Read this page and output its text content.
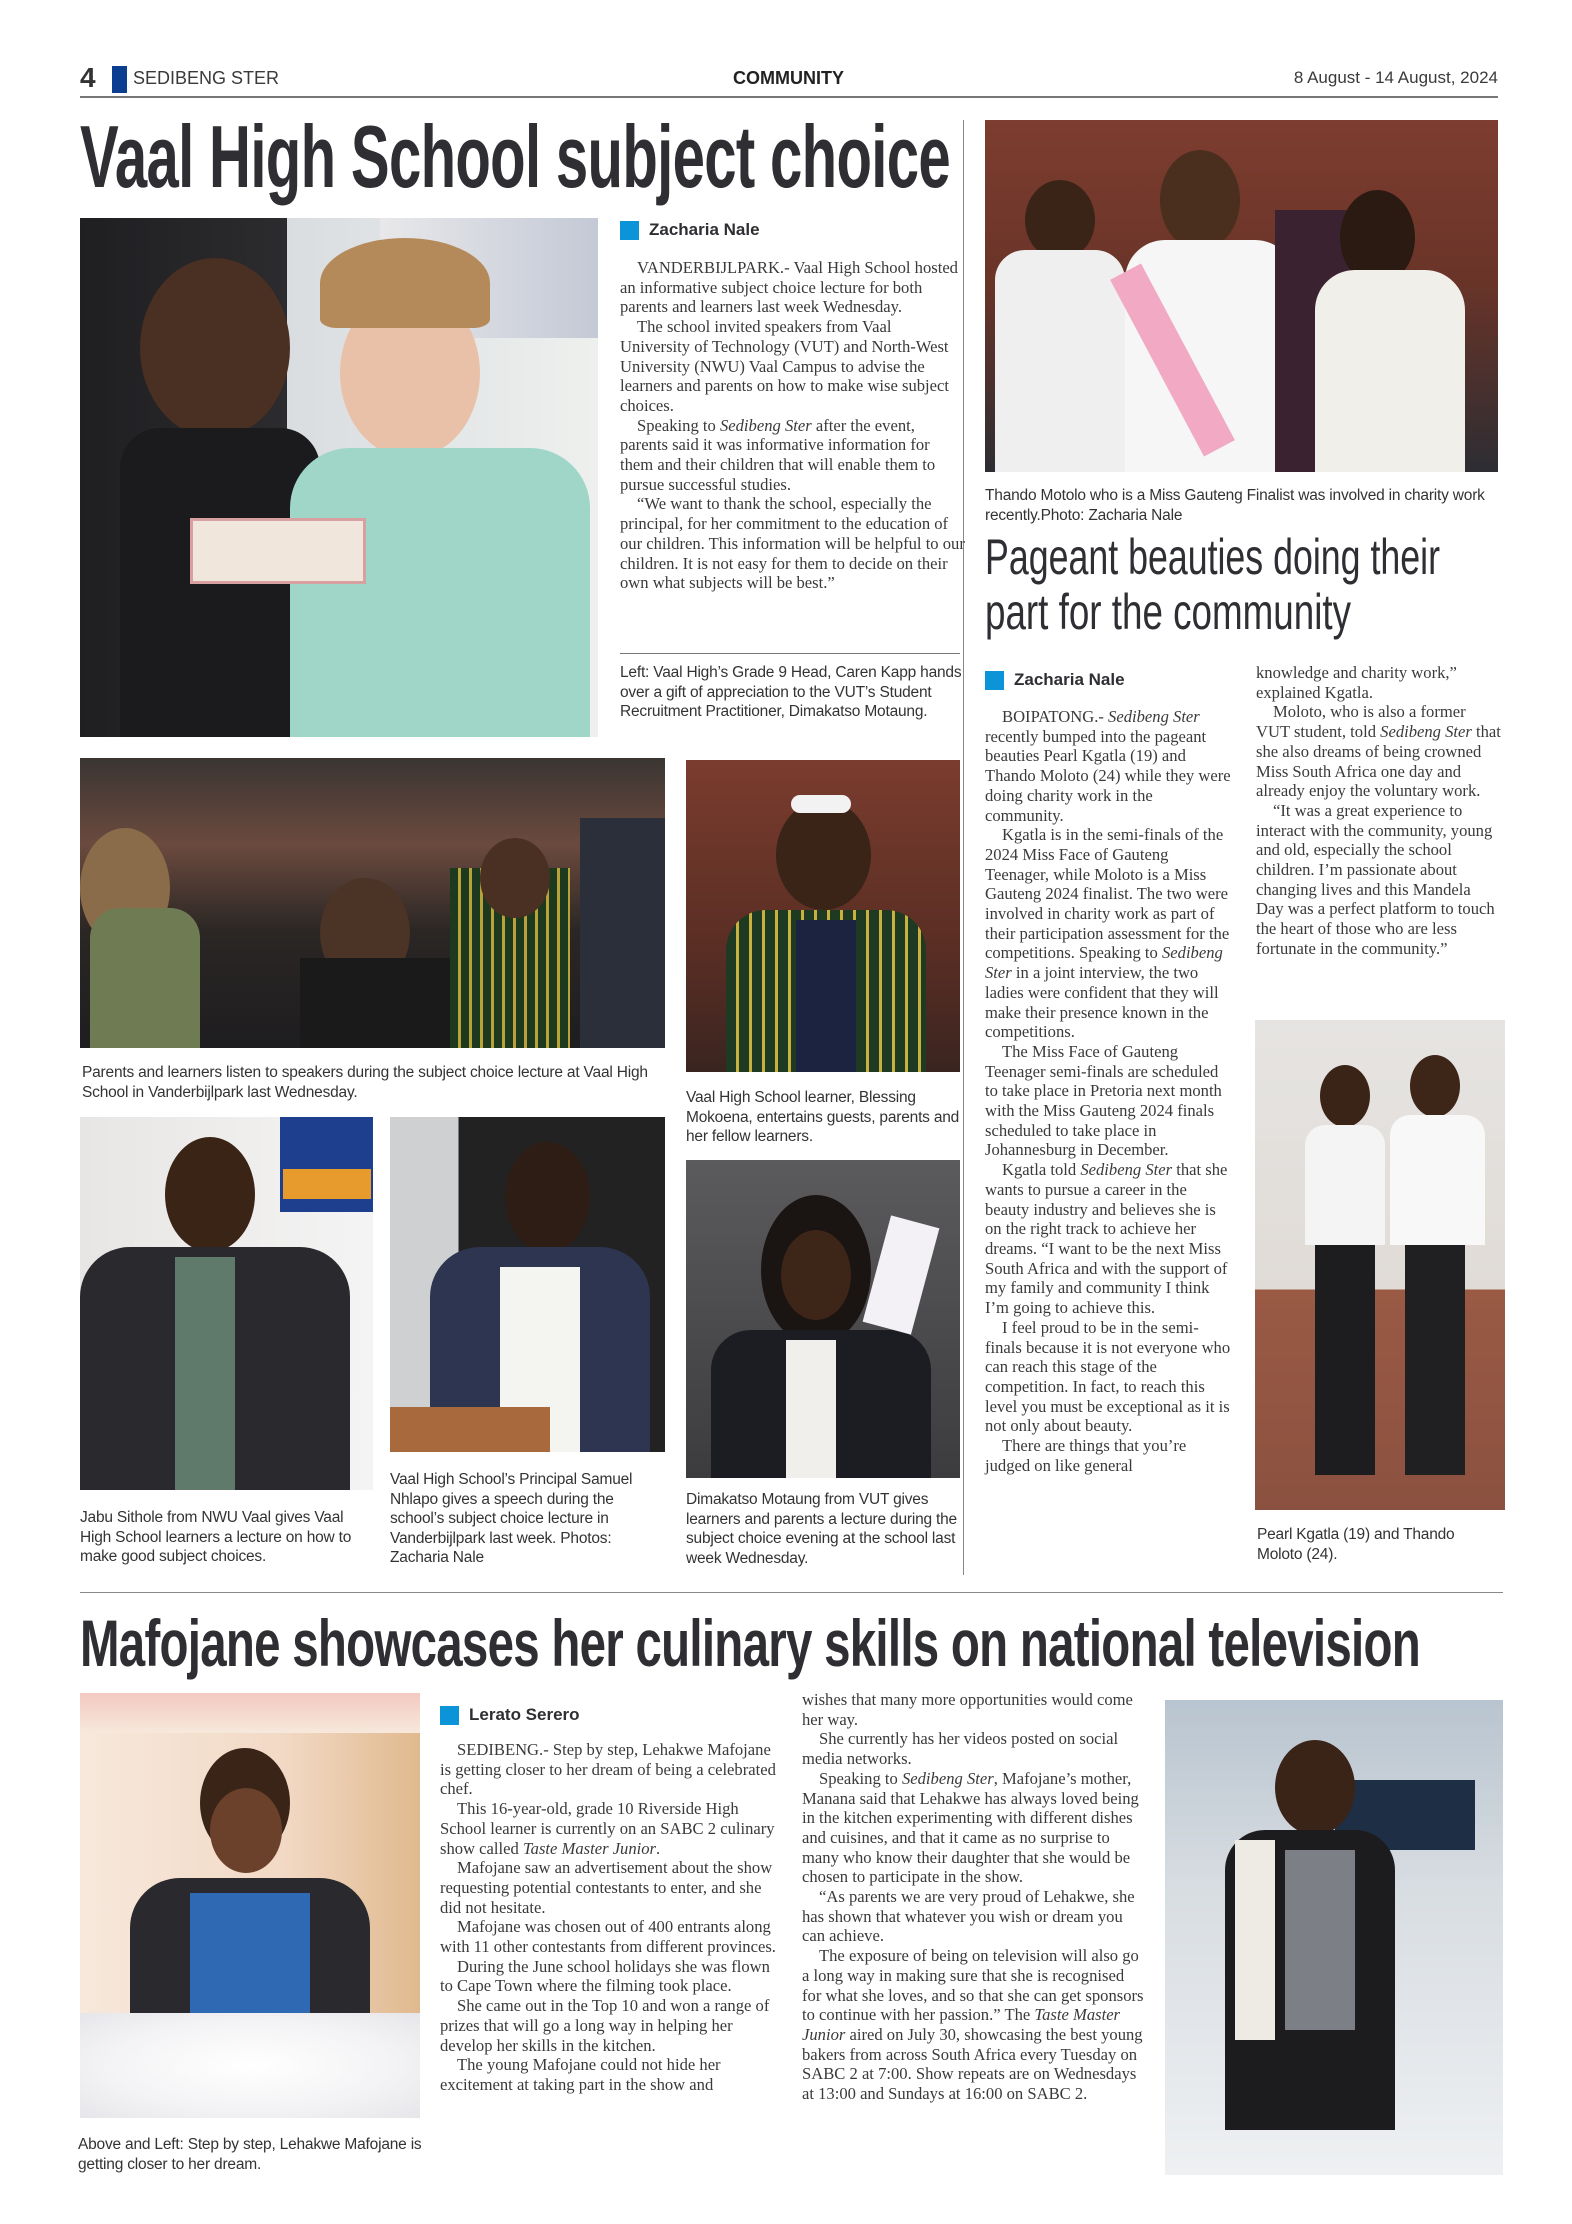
4 SEDIBENG STER	COMMUNITY	8 August - 14 August, 2024
Vaal High School subject choice
Zacharia Nale

VANDERBIJLPARK.- Vaal High School hosted an informative subject choice lecture for both parents and learners last week Wednesday.

The school invited speakers from Vaal University of Technology (VUT) and North-West University (NWU) Vaal Campus to advise the learners and parents on how to make wise subject choices.

Speaking to Sedibeng Ster after the event, parents said it was informative information for them and their children that will enable them to pursue successful studies.

“We want to thank the school, especially the principal, for her commitment to the education of our children. This information will be helpful to our children. It is not easy for them to decide on their own what subjects will be best.”

Left: Vaal High’s Grade 9 Head, Caren Kapp hands over a gift of appreciation to the VUT’s Student Recruitment Practitioner, Dimakatso Motaung.
Parents and learners listen to speakers during the subject choice lecture at Vaal High School in Vanderbijlpark last Wednesday.	Vaal High School learner, Blessing Mokoena, entertains guests, parents and her fellow learners.
Jabu Sithole from NWU Vaal gives Vaal High School learners a lecture on how to make good subject choices.
Vaal High School’s Principal Samuel Nhlapo gives a speech during the school’s subject choice lecture in Vanderbijlpark last week. Photos: Zacharia Nale
Dimakatso Motaung from VUT gives learners and parents a lecture during the subject choice evening at the school last week Wednesday.
Thando Motolo who is a Miss Gauteng Finalist was involved in charity work recently.Photo: Zacharia Nale
Pageant beauties doing their
part for the community
Zacharia Nale

BOIPATONG.- Sedibeng Ster recently bumped into the pageant beauties Pearl Kgatla (19) and Thando Moloto (24) while they were doing charity work in the community.

Kgatla is in the semi-finals of the 2024 Miss Face of Gauteng Teenager, while Moloto is a Miss Gauteng 2024 finalist. The two were involved in charity work as part of their participation assessment for the competitions. Speaking to Sedibeng Ster in a joint interview, the two ladies were confident that they will make their presence known in the competitions.

The Miss Face of Gauteng Teenager semi-finals are scheduled to take place in Pretoria next month with the Miss Gauteng 2024 finals scheduled to take place in Johannesburg in December.

Kgatla told Sedibeng Ster that she wants to pursue a career in the beauty industry and believes she is on the right track to achieve her dreams. “I want to be the next Miss South Africa and with the support of my family and community I think I’m going to achieve this.

I feel proud to be in the semi-finals because it is not everyone who can reach this stage of the competition. In fact, to reach this level you must be exceptional as it is not only about beauty.

There are things that you’re judged on like general

knowledge and charity work,” explained Kgatla.

Moloto, who is also a former VUT student, told Sedibeng Ster that she also dreams of being crowned Miss South Africa one day and already enjoy the voluntary work.

“It was a great experience to interact with the community, young and old, especially the school children. I’m passionate about changing lives and this Mandela Day was a perfect platform to touch the heart of those who are less fortunate in the community.”

Pearl Kgatla (19) and Thando Moloto (24).
Mafojane showcases her culinary skills on national television
Above and Left: Step by step, Lehakwe Mafojane is getting closer to her dream.
Lerato Serero

SEDIBENG.- Step by step, Lehakwe Mafojane is getting closer to her dream of being a celebrated chef.

This 16-year-old, grade 10 Riverside High School learner is currently on an SABC 2 culinary show called Taste Master Junior.

Mafojane saw an advertisement about the show requesting potential contestants to enter, and she did not hesitate.

Mafojane was chosen out of 400 entrants along with 11 other contestants from different provinces.

During the June school holidays she was flown to Cape Town where the filming took place.

She came out in the Top 10 and won a range of prizes that will go a long way in helping her develop her skills in the kitchen.

The young Mafojane could not hide her excitement at taking part in the show and

wishes that many more opportunities would come her way.

She currently has her videos posted on social media networks.

Speaking to Sedibeng Ster, Mafojane’s mother, Manana said that Lehakwe has always loved being in the kitchen experimenting with different dishes and cuisines, and that it came as no surprise to many who know their daughter that she would be chosen to participate in the show.

“As parents we are very proud of Lehakwe, she has shown that whatever you wish or dream you can achieve.

The exposure of being on television will also go a long way in making sure that she is recognised for what she loves, and so that she can get sponsors to continue with her passion.” The Taste Master Junior aired on July 30, showcasing the best young bakers from across South Africa every Tuesday on SABC 2 at 7:00. Show repeats are on Wednesdays at 13:00 and Sundays at 16:00 on SABC 2.
